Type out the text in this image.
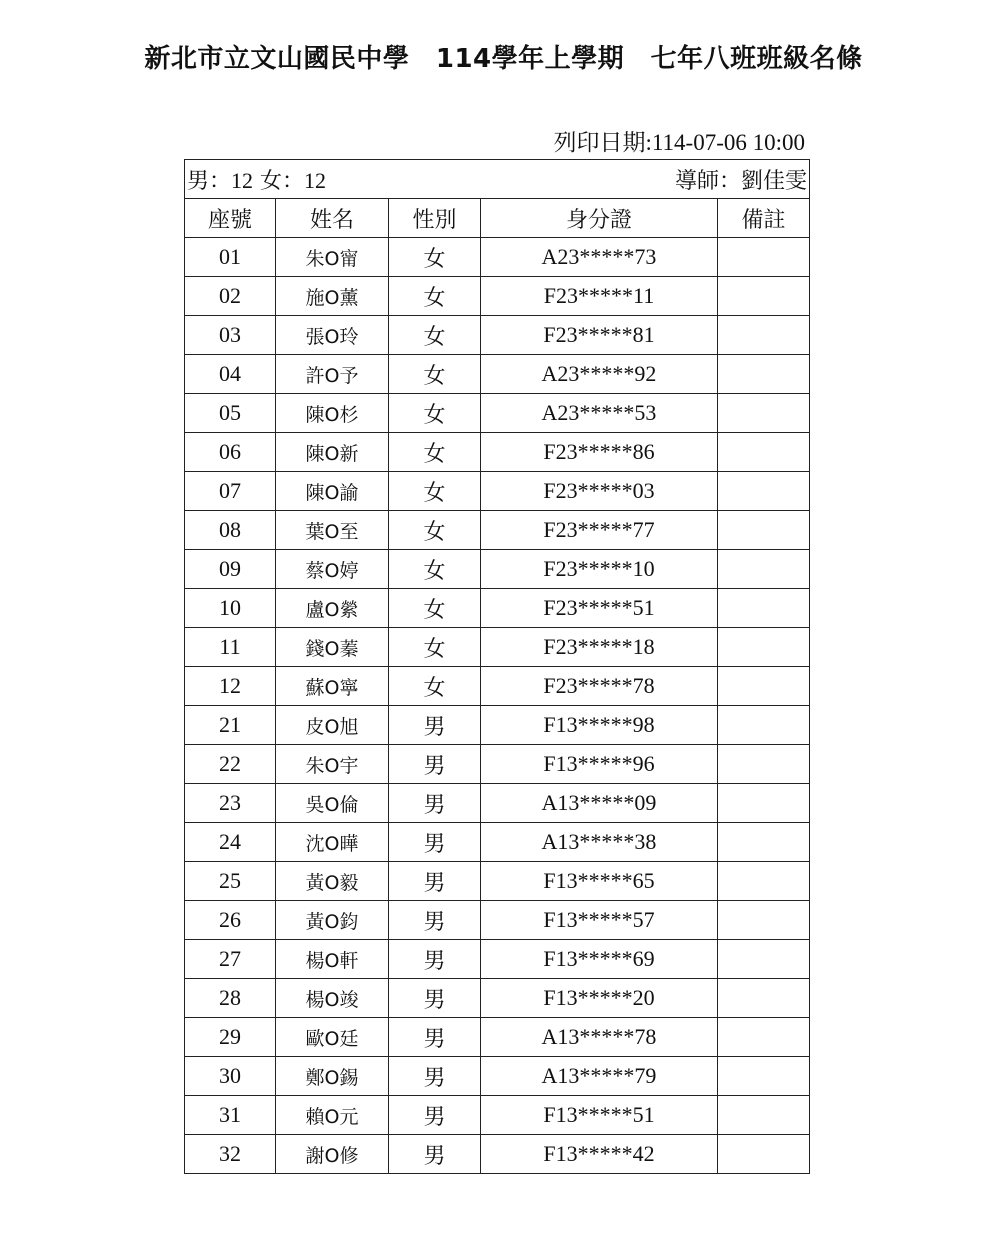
新北市立文山國民中學　114學年上學期　七年八班班級名條
列印日期:114-07-06 10:00
男：12 女：12 導師：劉佳雯				

座號	姓名	性別	身分證	備註
01	朱O甯	女	A23*****73	
02	施O薰	女	F23*****11	
03	張O玲	女	F23*****81	
04	許O予	女	A23*****92	
05	陳O杉	女	A23*****53	
06	陳O新	女	F23*****86	
07	陳O諭	女	F23*****03	
08	葉O至	女	F23*****77	
09	蔡O婷	女	F23*****10	
10	盧O縈	女	F23*****51	
11	錢O蓁	女	F23*****18	
12	蘇O寧	女	F23*****78	
21	皮O旭	男	F13*****98	
22	朱O宇	男	F13*****96	
23	吳O倫	男	A13*****09	
24	沈O曄	男	A13*****38	
25	黃O毅	男	F13*****65	
26	黃O鈞	男	F13*****57	
27	楊O軒	男	F13*****69	
28	楊O竣	男	F13*****20	
29	歐O廷	男	A13*****78	
30	鄭O錫	男	A13*****79	
31	賴O元	男	F13*****51	
32	謝O修	男	F13*****42	
